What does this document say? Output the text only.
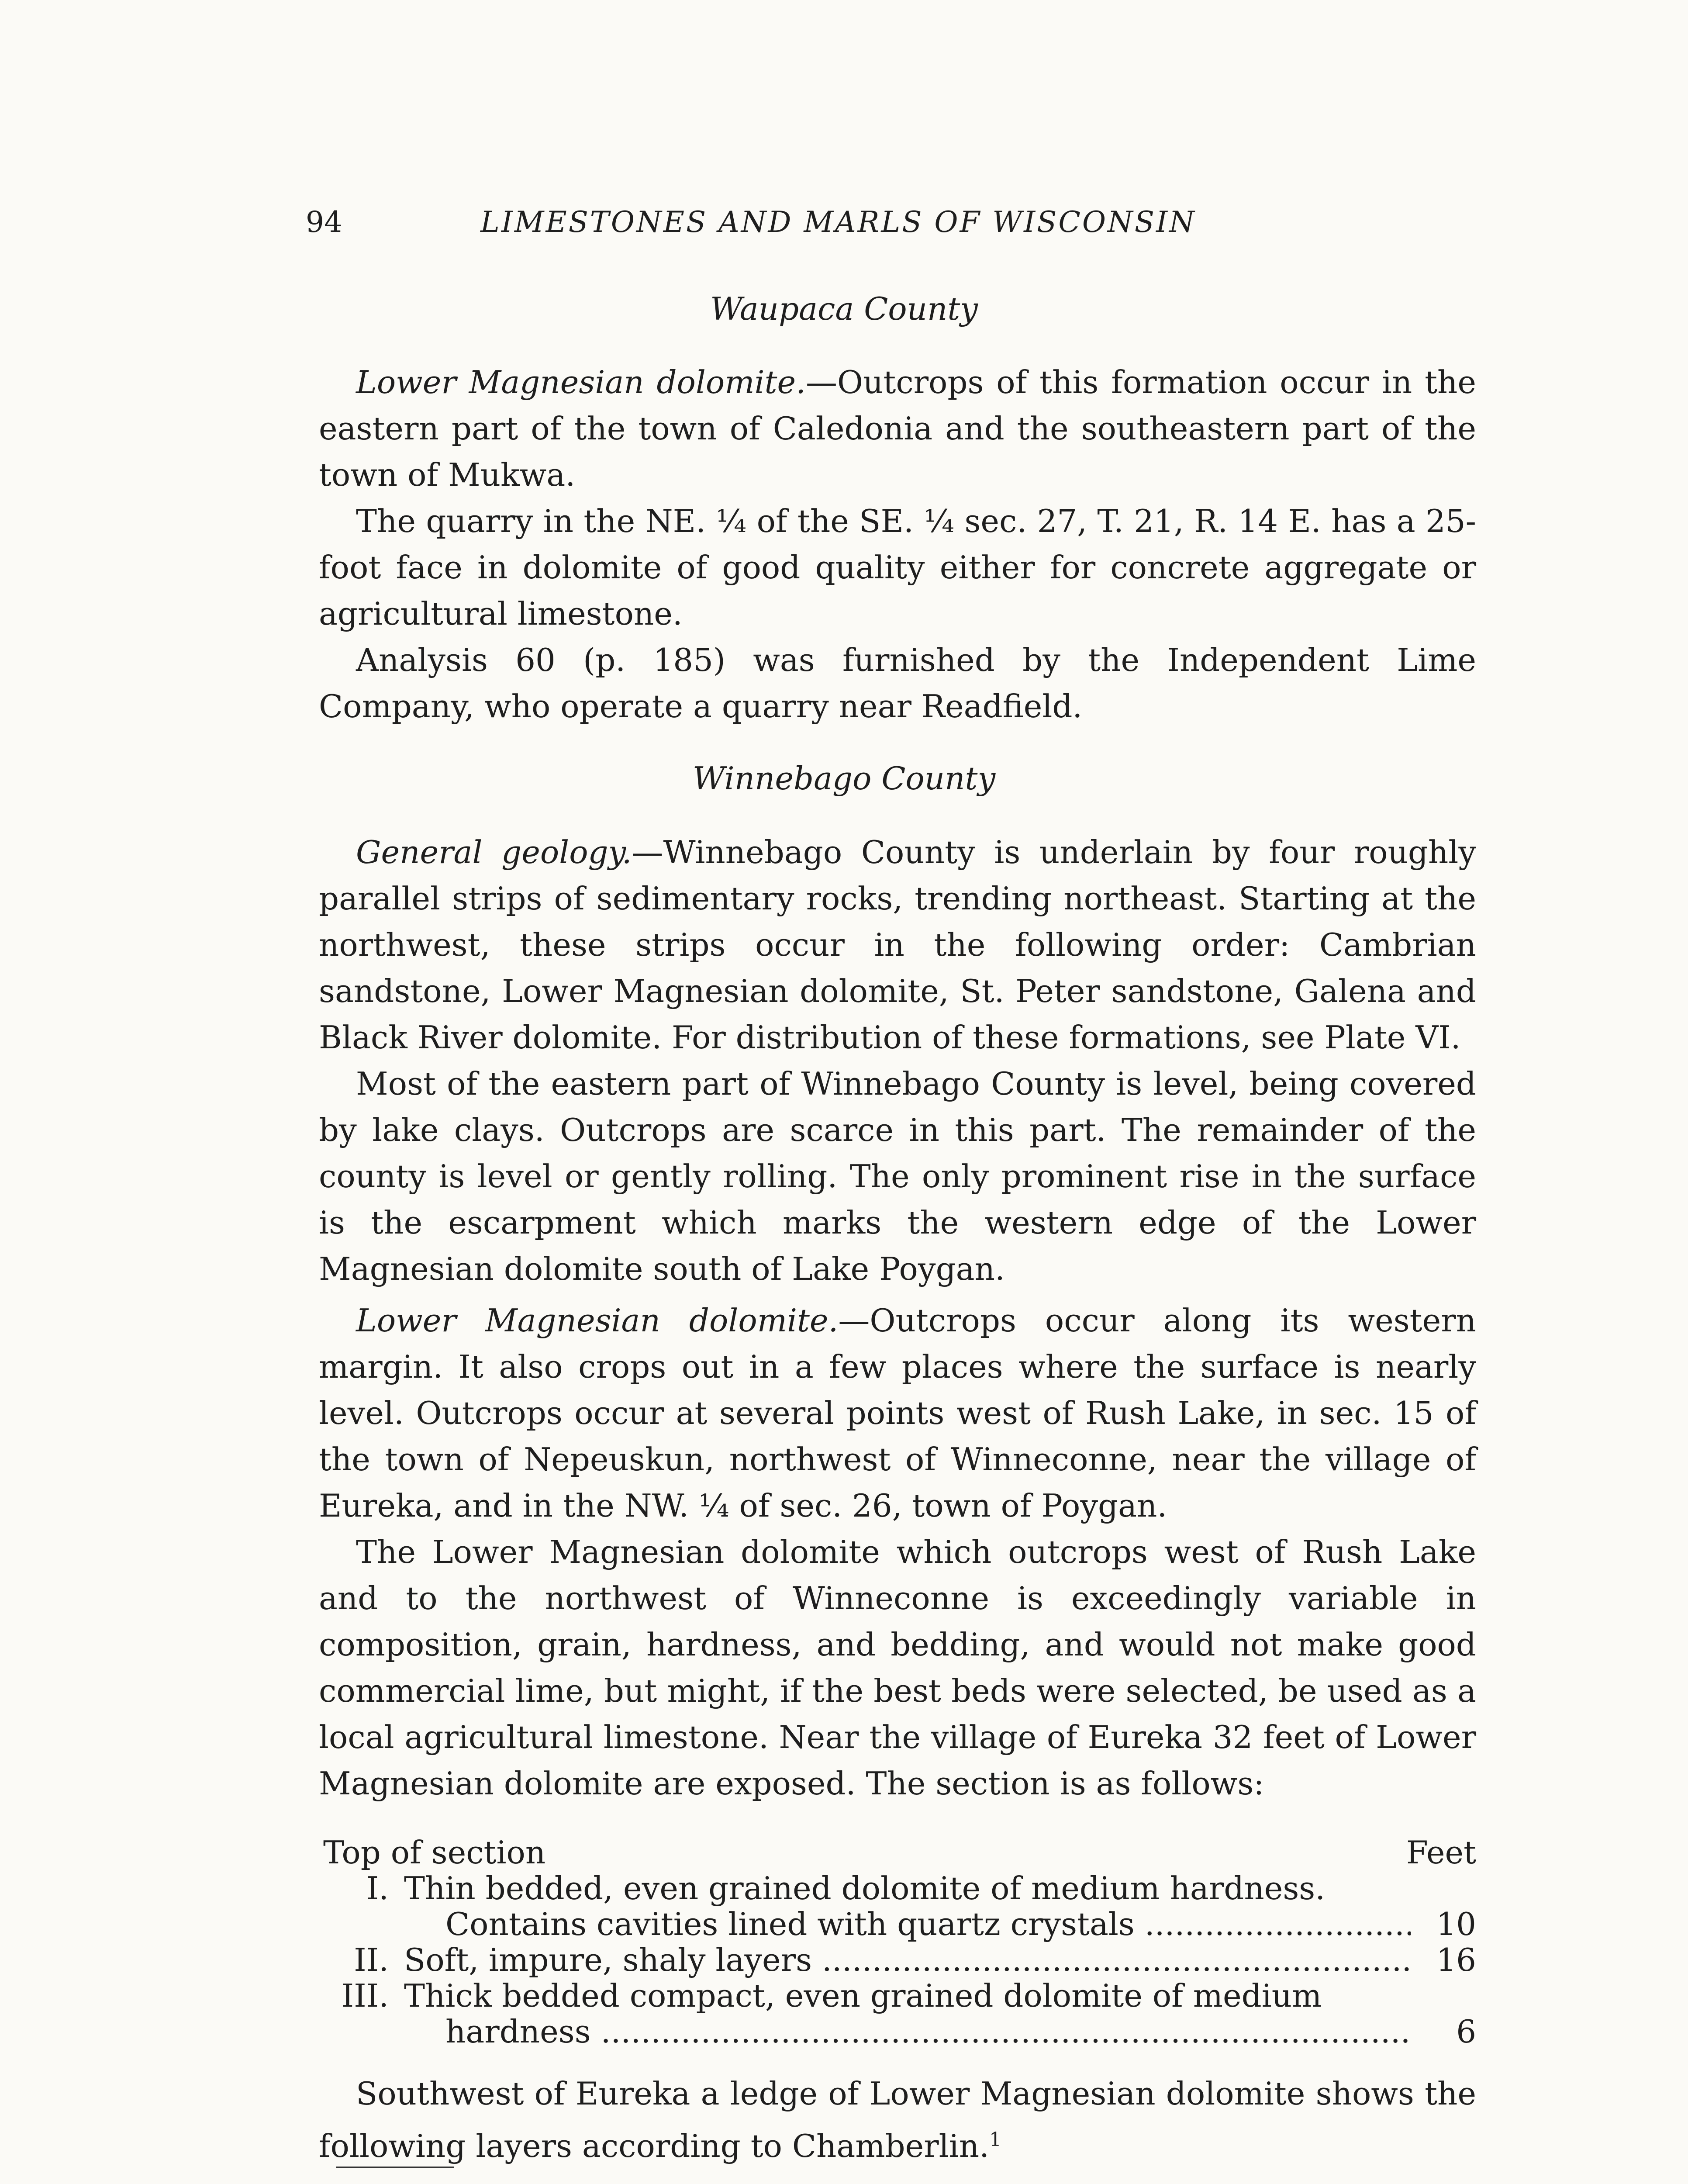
94	LIMESTONES AND MARLS OF WISCONSIN
Waupaca County

Lower Magnesian dolomite.—Outcrops of this formation occur in the eastern part of the town of Caledonia and the southeastern part of the town of Mukwa.

The quarry in the NE. ¼ of the SE. ¼ sec. 27, T. 21, R. 14 E. has a 25-foot face in dolomite of good quality either for concrete aggregate or agricultural limestone.

Analysis 60 (p. 185) was furnished by the Independent Lime Company, who operate a quarry near Readfield.

Winnebago County

General geology.—Winnebago County is underlain by four roughly parallel strips of sedimentary rocks, trending northeast. Starting at the northwest, these strips occur in the following order: Cambrian sandstone, Lower Magnesian dolomite, St. Peter sandstone, Galena and Black River dolomite. For distribution of these formations, see Plate VI.

Most of the eastern part of Winnebago County is level, being covered by lake clays. Outcrops are scarce in this part. The remainder of the county is level or gently rolling. The only prominent rise in the surface is the escarpment which marks the western edge of the Lower Magnesian dolomite south of Lake Poygan.

Lower Magnesian dolomite.—Outcrops occur along its western margin. It also crops out in a few places where the surface is nearly level. Outcrops occur at several points west of Rush Lake, in sec. 15 of the town of Nepeuskun, northwest of Winneconne, near the village of Eureka, and in the NW. ¼ of sec. 26, town of Poygan.

The Lower Magnesian dolomite which outcrops west of Rush Lake and to the northwest of Winneconne is exceedingly variable in composition, grain, hardness, and bedding, and would not make good commercial lime, but might, if the best beds were selected, be used as a local agricultural limestone. Near the village of Eureka 32 feet of Lower Magnesian dolomite are exposed. The section is as follows:

Top of section	Feet
I. Thin bedded, even grained dolomite of medium hardness.
Contains cavities lined with quartz crystals .....	10
II. Soft, impure, shaly layers .....	16
III. Thick bedded compact, even grained dolomite of medium
hardness .....	6

Southwest of Eureka a ledge of Lower Magnesian dolomite shows the following layers according to Chamberlin.$^1$
